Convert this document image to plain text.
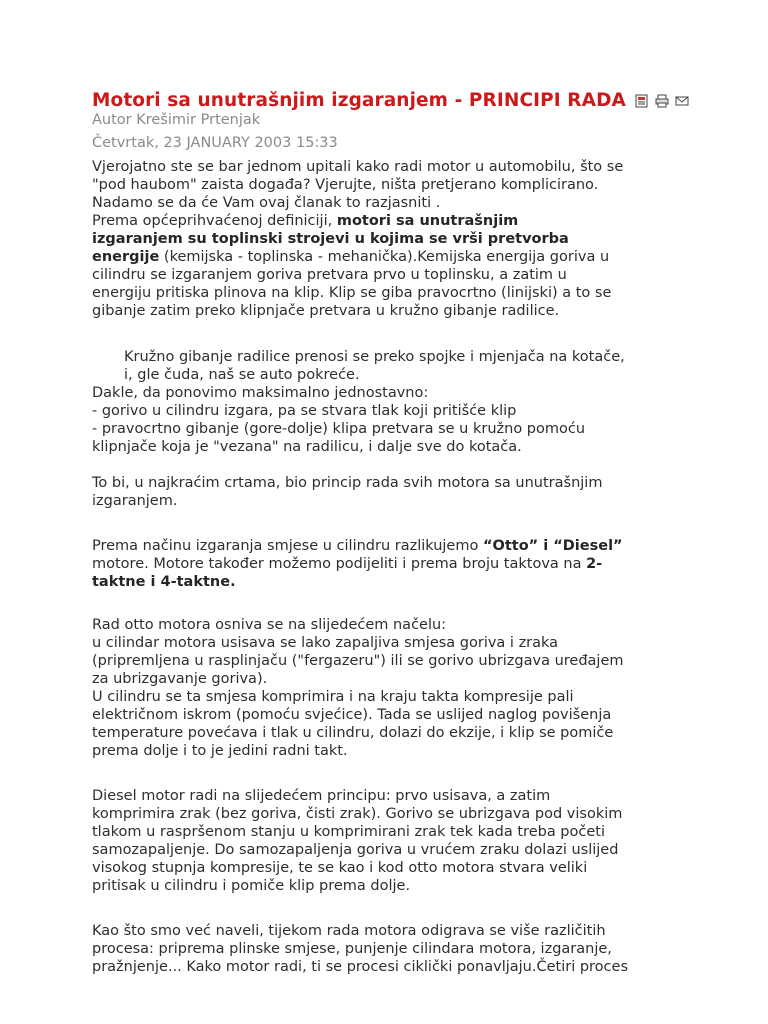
Motori sa unutrašnjim izgaranjem - PRINCIPI RADA
Autor Krešimir Prtenjak
Četvrtak, 23 JANUARY 2003 15:33

Vjerojatno ste se bar jednom upitali kako radi motor u automobilu, što se

"pod haubom" zaista događa? Vjerujte, ništa pretjerano komplicirano.

Nadamo se da će Vam ovaj članak to razjasniti .

Prema općeprihvaćenoj definiciji, motori sa unutrašnjim

izgaranjem su toplinski strojevi u kojima se vrši pretvorba

energije (kemijska - toplinska - mehanička).Kemijska energija goriva u

cilindru se izgaranjem goriva pretvara prvo u toplinsku, a zatim u

energiju pritiska plinova na klip. Klip se giba pravocrtno (linijski) a to se

gibanje zatim preko klipnjače pretvara u kružno gibanje radilice.

Kružno gibanje radilice prenosi se preko spojke i mjenjača na kotače,

i, gle čuda, naš se auto pokreće.

Dakle, da ponovimo maksimalno jednostavno:

- gorivo u cilindru izgara, pa se stvara tlak koji pritišće klip

- pravocrtno gibanje (gore-dolje) klipa pretvara se u kružno pomoću

klipnjače koja je "vezana" na radilicu, i dalje sve do kotača.

To bi, u najkraćim crtama, bio princip rada svih motora sa unutrašnjim

izgaranjem.

Prema načinu izgaranja smjese u cilindru razlikujemo “Otto” i “Diesel”

motore. Motore također možemo podijeliti i prema broju taktova na 2-

taktne i 4-taktne.

Rad otto motora osniva se na slijedećem načelu:

u cilindar motora usisava se lako zapaljiva smjesa goriva i zraka

(pripremljena u rasplinjaču ("fergazeru") ili se gorivo ubrizgava uređajem

za ubrizgavanje goriva).

U cilindru se ta smjesa komprimira i na kraju takta kompresije pali

električnom iskrom (pomoću svjećice). Tada se uslijed naglog povišenja

temperature povećava i tlak u cilindru, dolazi do ekzije, i klip se pomiče

prema dolje i to je jedini radni takt.

Diesel motor radi na slijedećem principu: prvo usisava, a zatim

komprimira zrak (bez goriva, čisti zrak). Gorivo se ubrizgava pod visokim

tlakom u raspršenom stanju u komprimirani zrak tek kada treba početi

samozapaljenje. Do samozapaljenja goriva u vrućem zraku dolazi uslijed

visokog stupnja kompresije, te se kao i kod otto motora stvara veliki

pritisak u cilindru i pomiče klip prema dolje.

Kao što smo već naveli, tijekom rada motora odigrava se više različitih

procesa: priprema plinske smjese, punjenje cilindara motora, izgaranje,

pražnjenje... Kako motor radi, ti se procesi ciklički ponavljaju.Četiri proces
